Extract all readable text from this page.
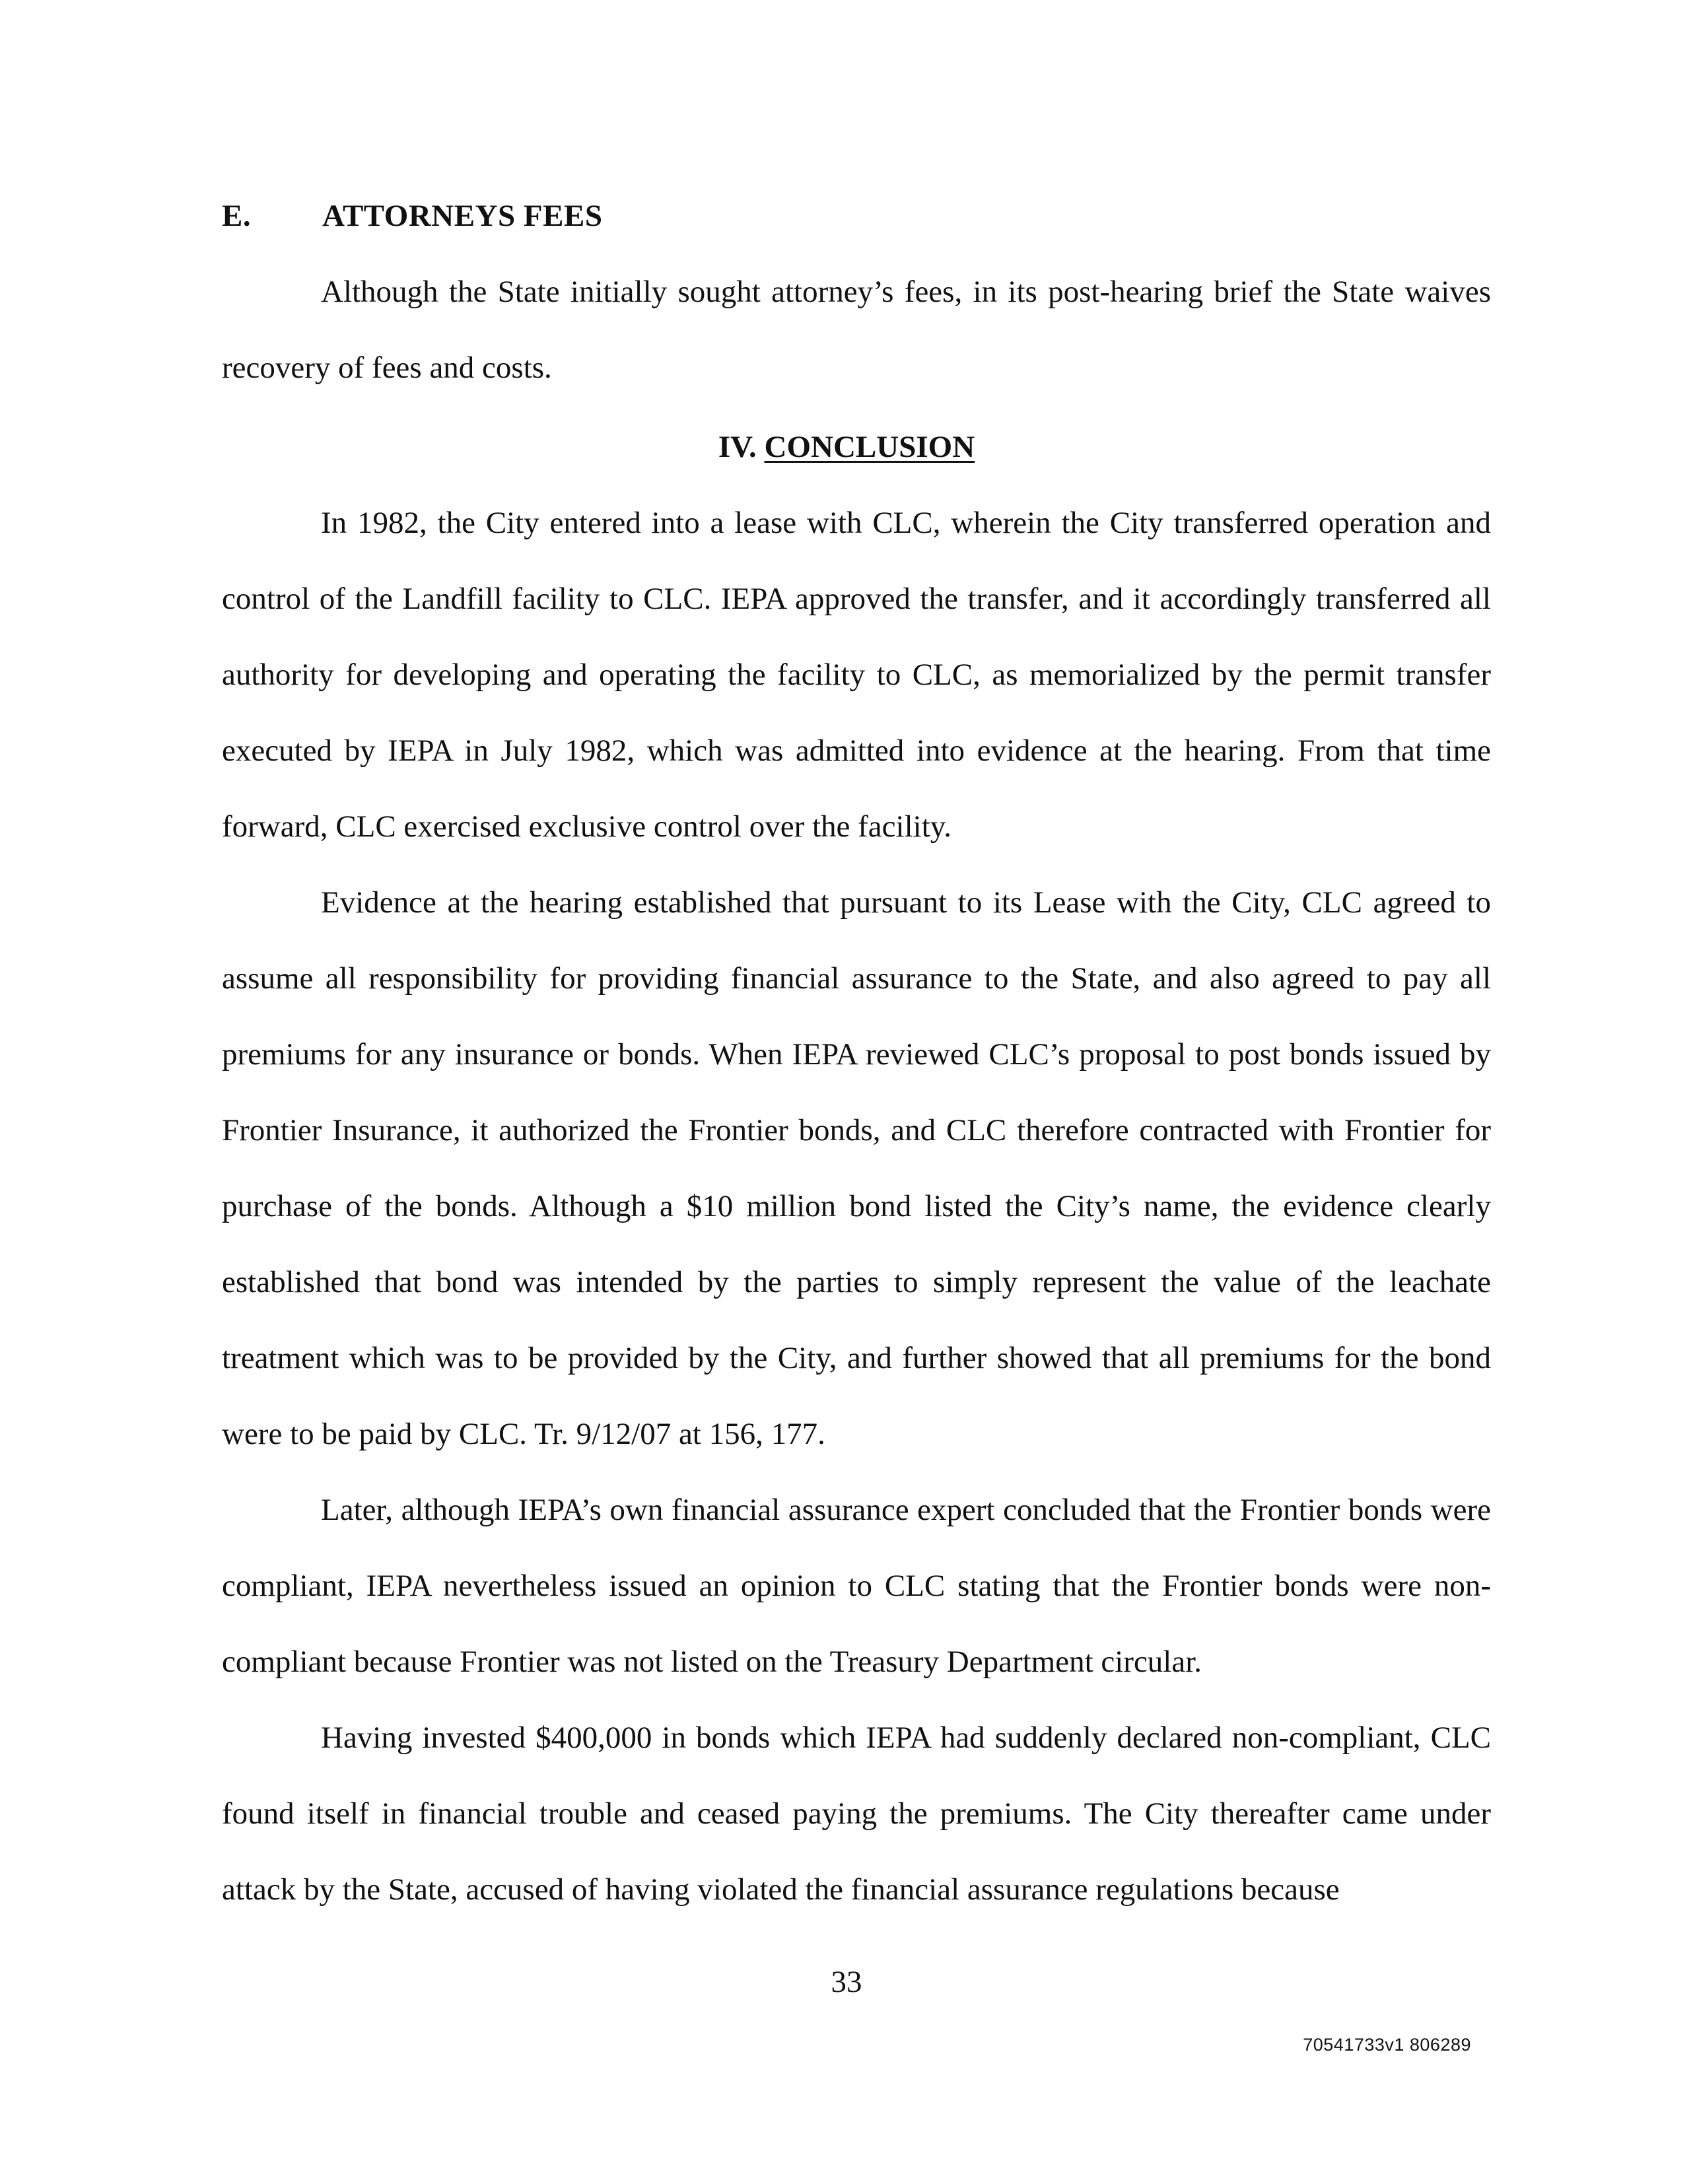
E. ATTORNEYS FEES

Although the State initially sought attorney’s fees, in its post-hearing brief the State waives recovery of fees and costs.

IV. CONCLUSION

In 1982, the City entered into a lease with CLC, wherein the City transferred operation and control of the Landfill facility to CLC. IEPA approved the transfer, and it accordingly transferred all authority for developing and operating the facility to CLC, as memorialized by the permit transfer executed by IEPA in July 1982, which was admitted into evidence at the hearing. From that time forward, CLC exercised exclusive control over the facility.

Evidence at the hearing established that pursuant to its Lease with the City, CLC agreed to assume all responsibility for providing financial assurance to the State, and also agreed to pay all premiums for any insurance or bonds. When IEPA reviewed CLC’s proposal to post bonds issued by Frontier Insurance, it authorized the Frontier bonds, and CLC therefore contracted with Frontier for purchase of the bonds. Although a $10 million bond listed the City’s name, the evidence clearly established that bond was intended by the parties to simply represent the value of the leachate treatment which was to be provided by the City, and further showed that all premiums for the bond were to be paid by CLC. Tr. 9/12/07 at 156, 177.

Later, although IEPA’s own financial assurance expert concluded that the Frontier bonds were compliant, IEPA nevertheless issued an opinion to CLC stating that the Frontier bonds were non-compliant because Frontier was not listed on the Treasury Department circular.

Having invested $400,000 in bonds which IEPA had suddenly declared non-compliant, CLC found itself in financial trouble and ceased paying the premiums. The City thereafter came under attack by the State, accused of having violated the financial assurance regulations because

33
70541733v1 806289
